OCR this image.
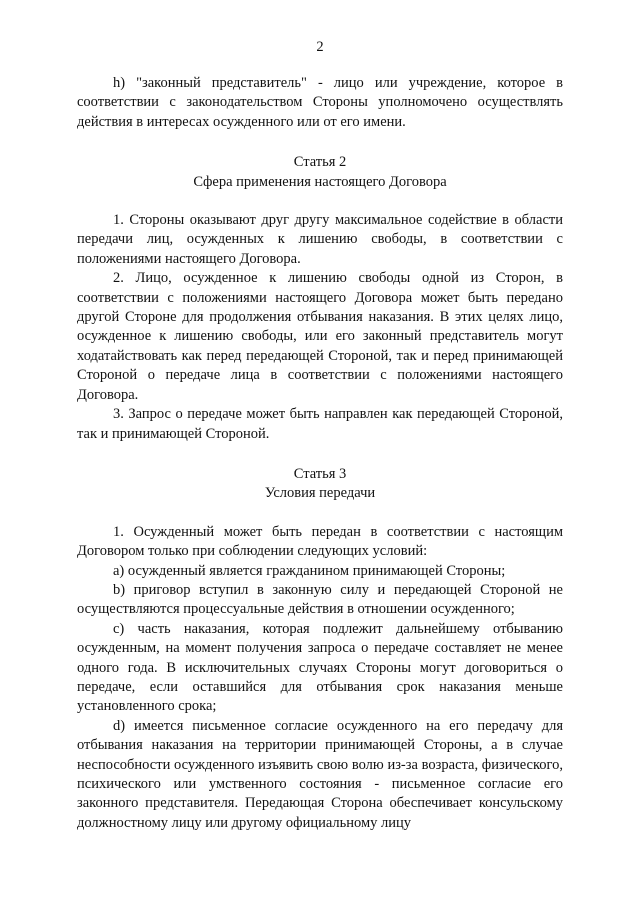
2

h) "законный представитель" - лицо или учреждение, которое в соответствии с законодательством Стороны уполномочено осуществлять действия в интересах осужденного или от его имени.

Статья 2

Сфера применения настоящего Договора

1. Стороны оказывают друг другу максимальное содействие в области передачи лиц, осужденных к лишению свободы, в соответствии с положениями настоящего Договора.

2. Лицо, осужденное к лишению свободы одной из Сторон, в соответствии с положениями настоящего Договора может быть передано другой Стороне для продолжения отбывания наказания. В этих целях лицо, осужденное к лишению свободы, или его законный представитель могут ходатайствовать как перед передающей Стороной, так и перед принимающей Стороной о передаче лица в соответствии с положениями настоящего Договора.

3. Запрос о передаче может быть направлен как передающей Стороной, так и принимающей Стороной.

Статья 3

Условия передачи

1. Осужденный может быть передан в соответствии с настоящим Договором только при соблюдении следующих условий:

а) осужденный является гражданином принимающей Стороны;

b) приговор вступил в законную силу и передающей Стороной не осуществляются процессуальные действия в отношении осужденного;

c) часть наказания, которая подлежит дальнейшему отбыванию осужденным, на момент получения запроса о передаче составляет не менее одного года. В исключительных случаях Стороны могут договориться о передаче, если оставшийся для отбывания срок наказания меньше установленного срока;

d) имеется письменное согласие осужденного на его передачу для отбывания наказания на территории принимающей Стороны, а в случае неспособности осужденного изъявить свою волю из-за возраста, физического, психического или умственного состояния - письменное согласие его законного представителя. Передающая Сторона обеспечивает консульскому должностному лицу или другому официальному лицу
